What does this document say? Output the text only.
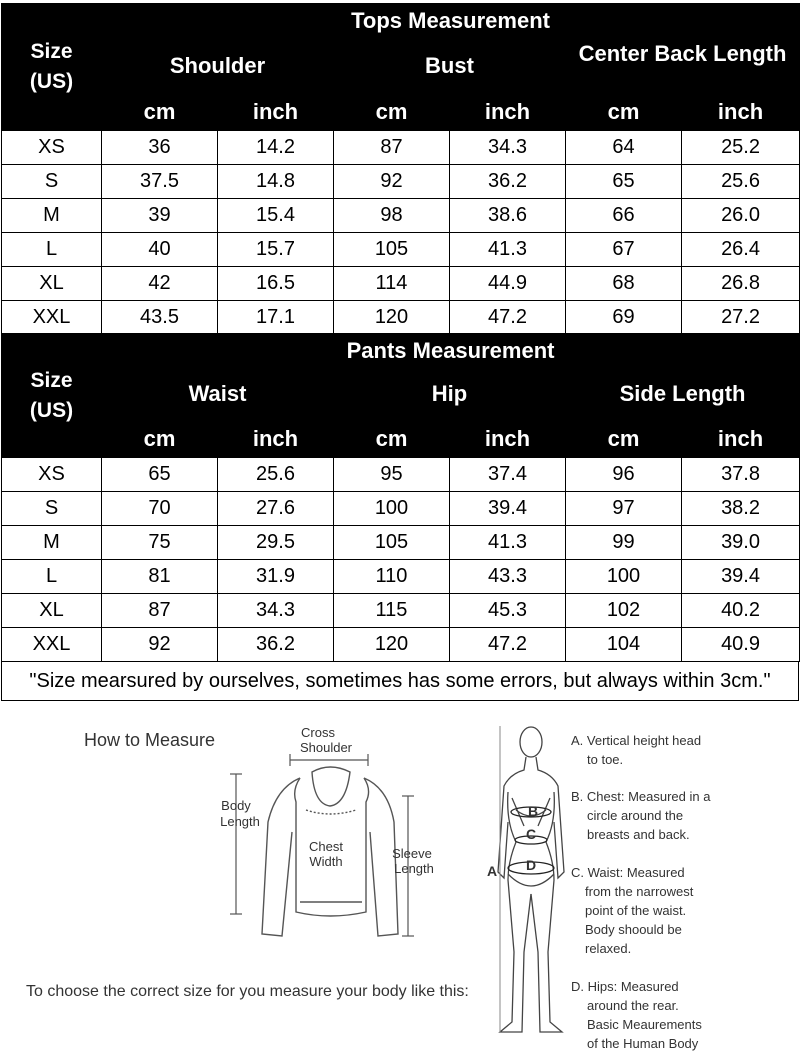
Size
(US)	Tops Measurement					
	Shoulder		Bust		Center Back Length	
	cm	inch	cm	inch	cm	inch
XS	36	14.2	87	34.3	64	25.2
S	37.5	14.8	92	36.2	65	25.6
M	39	15.4	98	38.6	66	26.0
L	40	15.7	105	41.3	67	26.4
XL	42	16.5	114	44.9	68	26.8
XXL	43.5	17.1	120	47.2	69	27.2
Size
(US)	Pants Measurement					
	Waist		Hip		Side Length	
	cm	inch	cm	inch	cm	inch
XS	65	25.6	95	37.4	96	37.8
S	70	27.6	100	39.4	97	38.2
M	75	29.5	105	41.3	99	39.0
L	81	31.9	110	43.3	100	39.4
XL	87	34.3	115	45.3	102	40.2
XXL	92	36.2	120	47.2	104	40.9
"Size mearsured by ourselves, sometimes has some errors, but always within 3cm."
How to Measure	Cross
Shoulder
Body
Length
Chest
Width
Sleeve
Length	A
B
C
D
A. Vertical height head
to toe.
B. Chest: Measured in a
circle around the
breasts and back.
C. Waist: Measured
from the narrowest
point of the waist.
Body shoould be
relaxed.
D. Hips: Measured
around the rear.
Basic Meaurements
of the Human Body
To choose the correct size for you measure your body like this:
